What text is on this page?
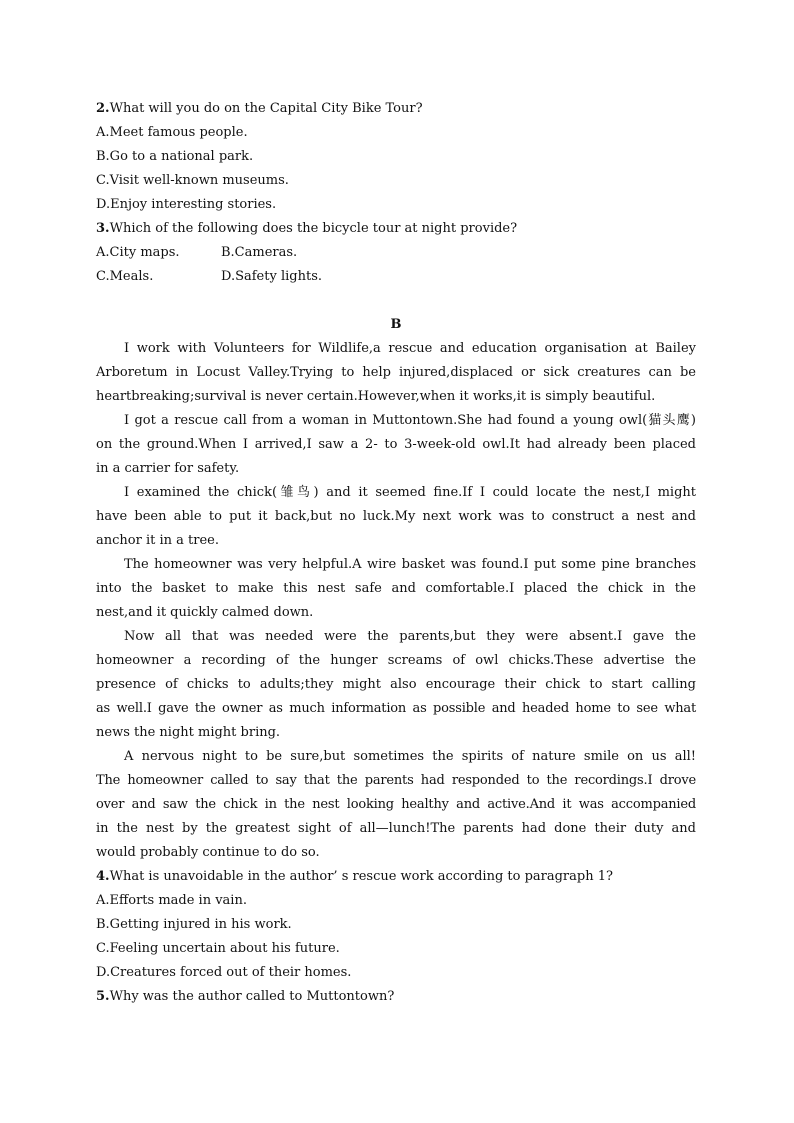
2.What will you do on the Capital City Bike Tour?
A.Meet famous people.
B.Go to a national park.
C.Visit well-known museums.
D.Enjoy interesting stories.
3.Which of the following does the bicycle tour at night provide?
A.City maps.	B.Cameras.
C.Meals.	D.Safety lights.
B
I work with Volunteers for Wildlife,a rescue and education organisation at Bailey
Arboretum in Locust Valley.Trying to help injured,displaced or sick creatures can be
heartbreaking;survival is never certain.However,when it works,it is simply beautiful.
I got a rescue call from a woman in Muttontown.She had found a young owl(猫头鹰)
on the ground.When I arrived,I saw a 2- to 3-week-old owl.It had already been placed
in a carrier for safety.
I examined the chick(雏鸟) and it seemed fine.If I could locate the nest,I might
have been able to put it back,but no luck.My next work was to construct a nest and
anchor it in a tree.
The homeowner was very helpful.A wire basket was found.I put some pine branches
into the basket to make this nest safe and comfortable.I placed the chick in the
nest,and it quickly calmed down.
Now all that was needed were the parents,but they were absent.I gave the
homeowner a recording of the hunger screams of owl chicks.These advertise the
presence of chicks to adults;they might also encourage their chick to start calling
as well.I gave the owner as much information as possible and headed home to see what
news the night might bring.
A nervous night to be sure,but sometimes the spirits of nature smile on us all!
The homeowner called to say that the parents had responded to the recordings.I drove
over and saw the chick in the nest looking healthy and active.And it was accompanied
in the nest by the greatest sight of all—lunch!The parents had done their duty and
would probably continue to do so.
4.What is unavoidable in the author’ s rescue work according to paragraph 1?
A.Efforts made in vain.
B.Getting injured in his work.
C.Feeling uncertain about his future.
D.Creatures forced out of their homes.
5.Why was the author called to Muttontown?
